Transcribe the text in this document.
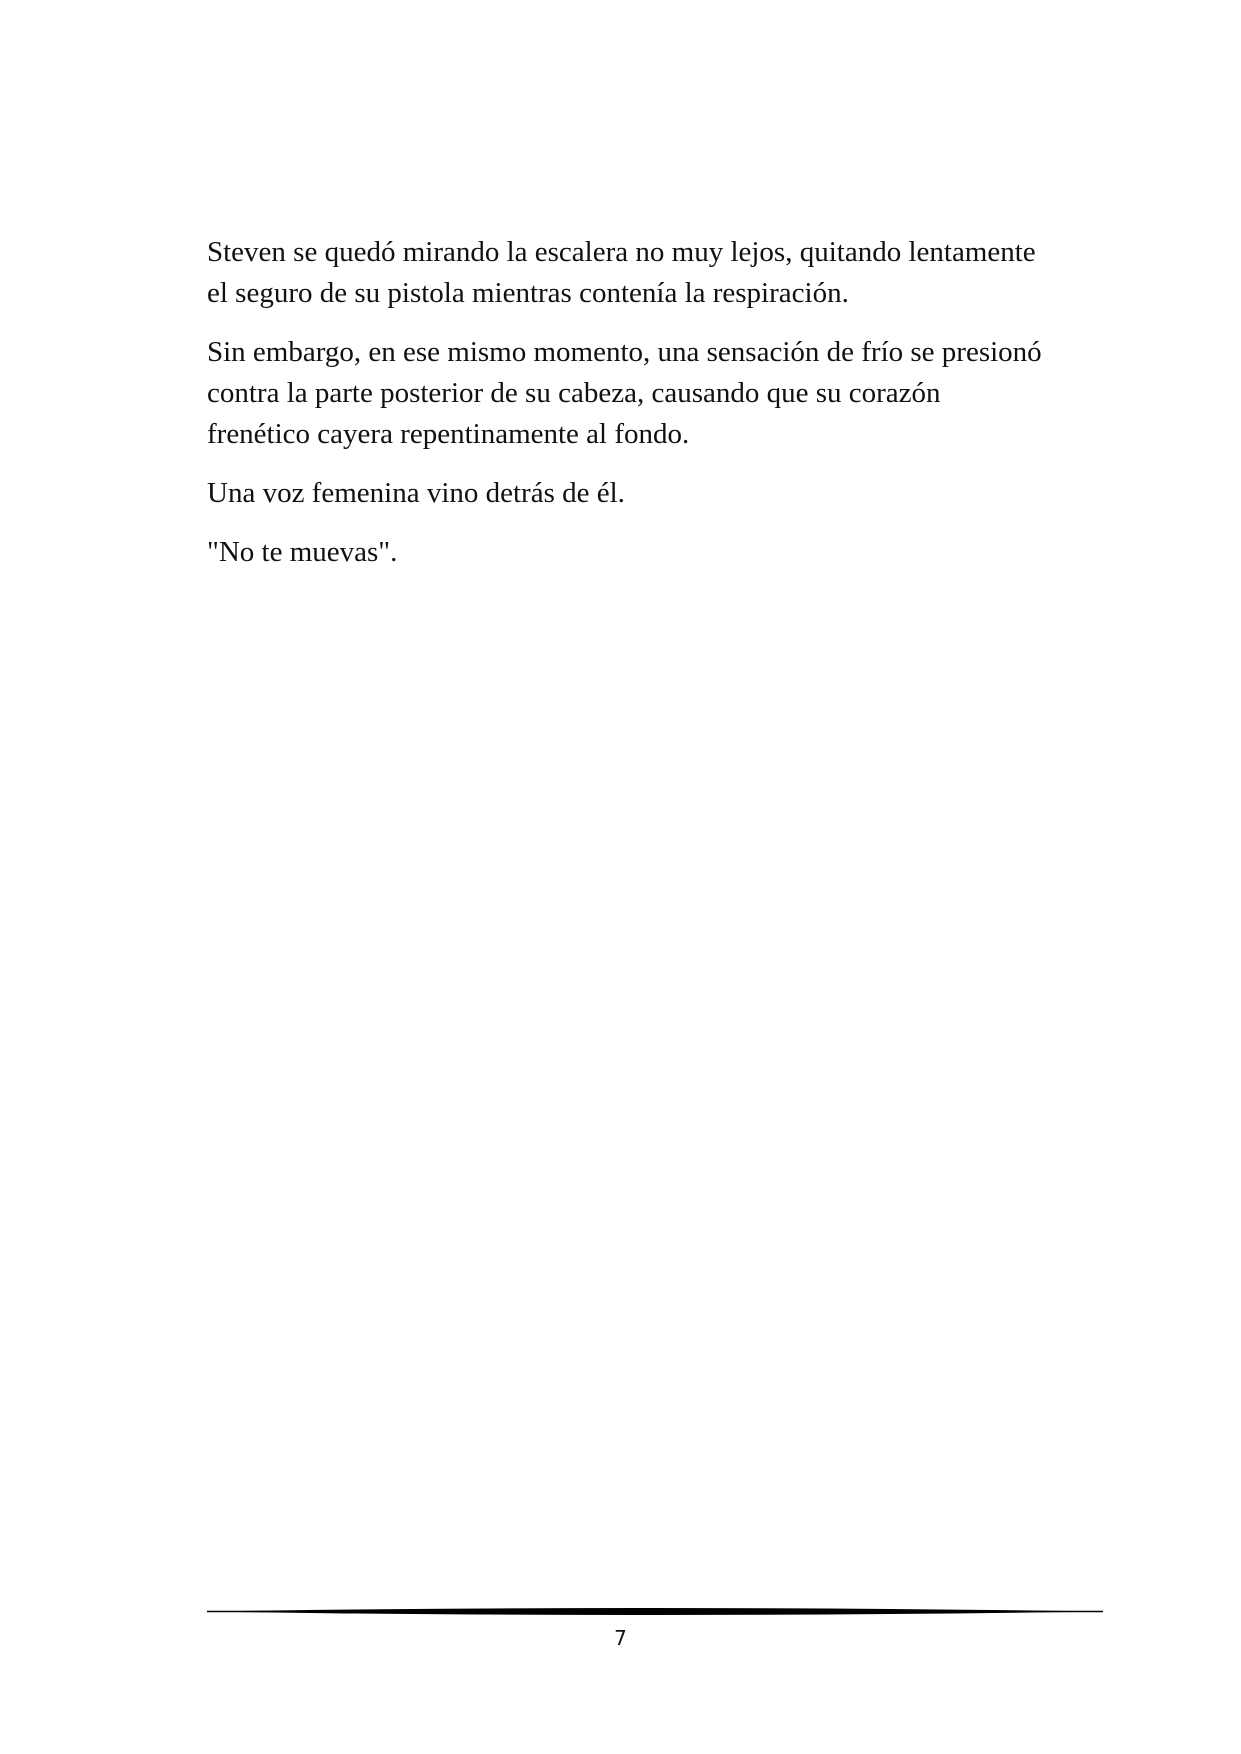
Steven se quedó mirando la escalera no muy lejos, quitando lentamente el seguro de su pistola mientras contenía la respiración.

Sin embargo, en ese mismo momento, una sensación de frío se presionó contra la parte posterior de su cabeza, causando que su corazón frenético cayera repentinamente al fondo.

Una voz femenina vino detrás de él.

"No te muevas".

7
